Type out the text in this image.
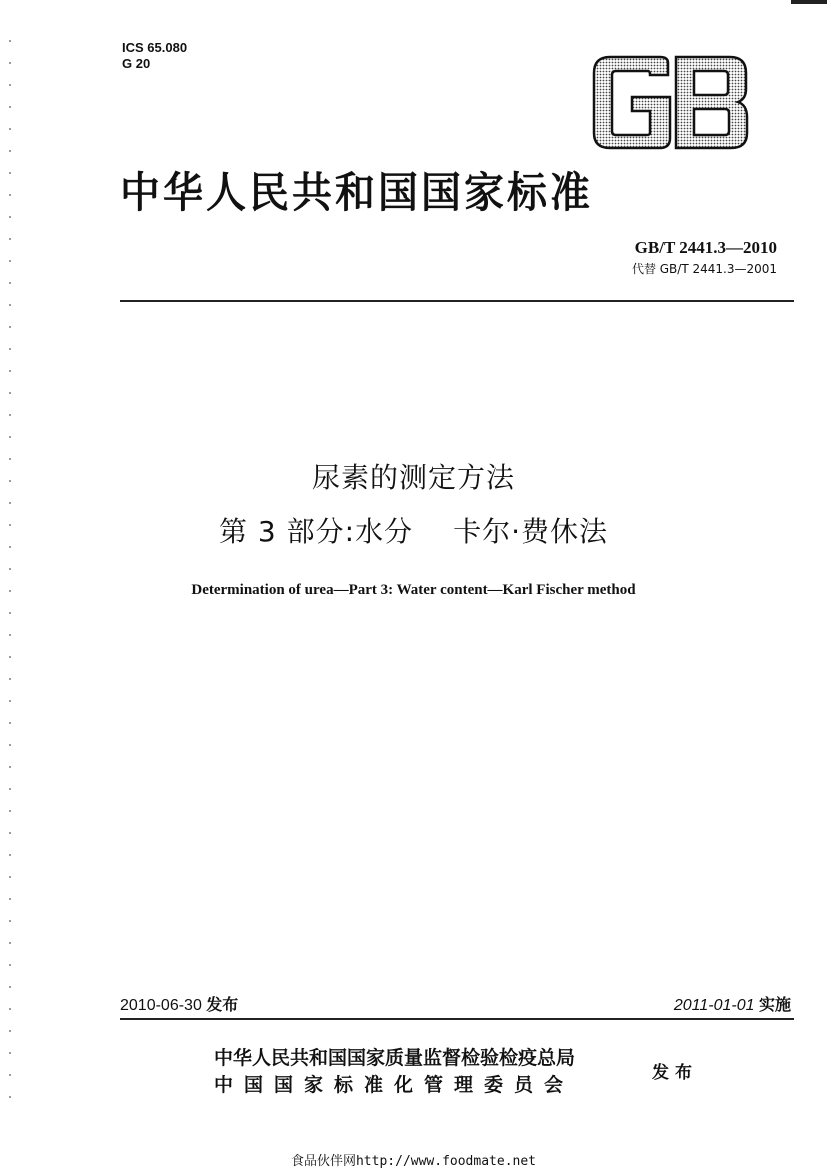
ICS 65.080
G 20
GB
中华人民共和国国家标准
GB/T 2441.3—2010
代替 GB/T 2441.3—2001
尿素的测定方法
第 3 部分:水分 卡尔·费休法
Determination of urea—Part 3: Water content—Karl Fischer method
2010-06-30 发布	2011-01-01 实施
中华人民共和国国家质量监督检验检疫总局
中国国家标准化管理委员会
发布
食品伙伴网http://www.foodmate.net
